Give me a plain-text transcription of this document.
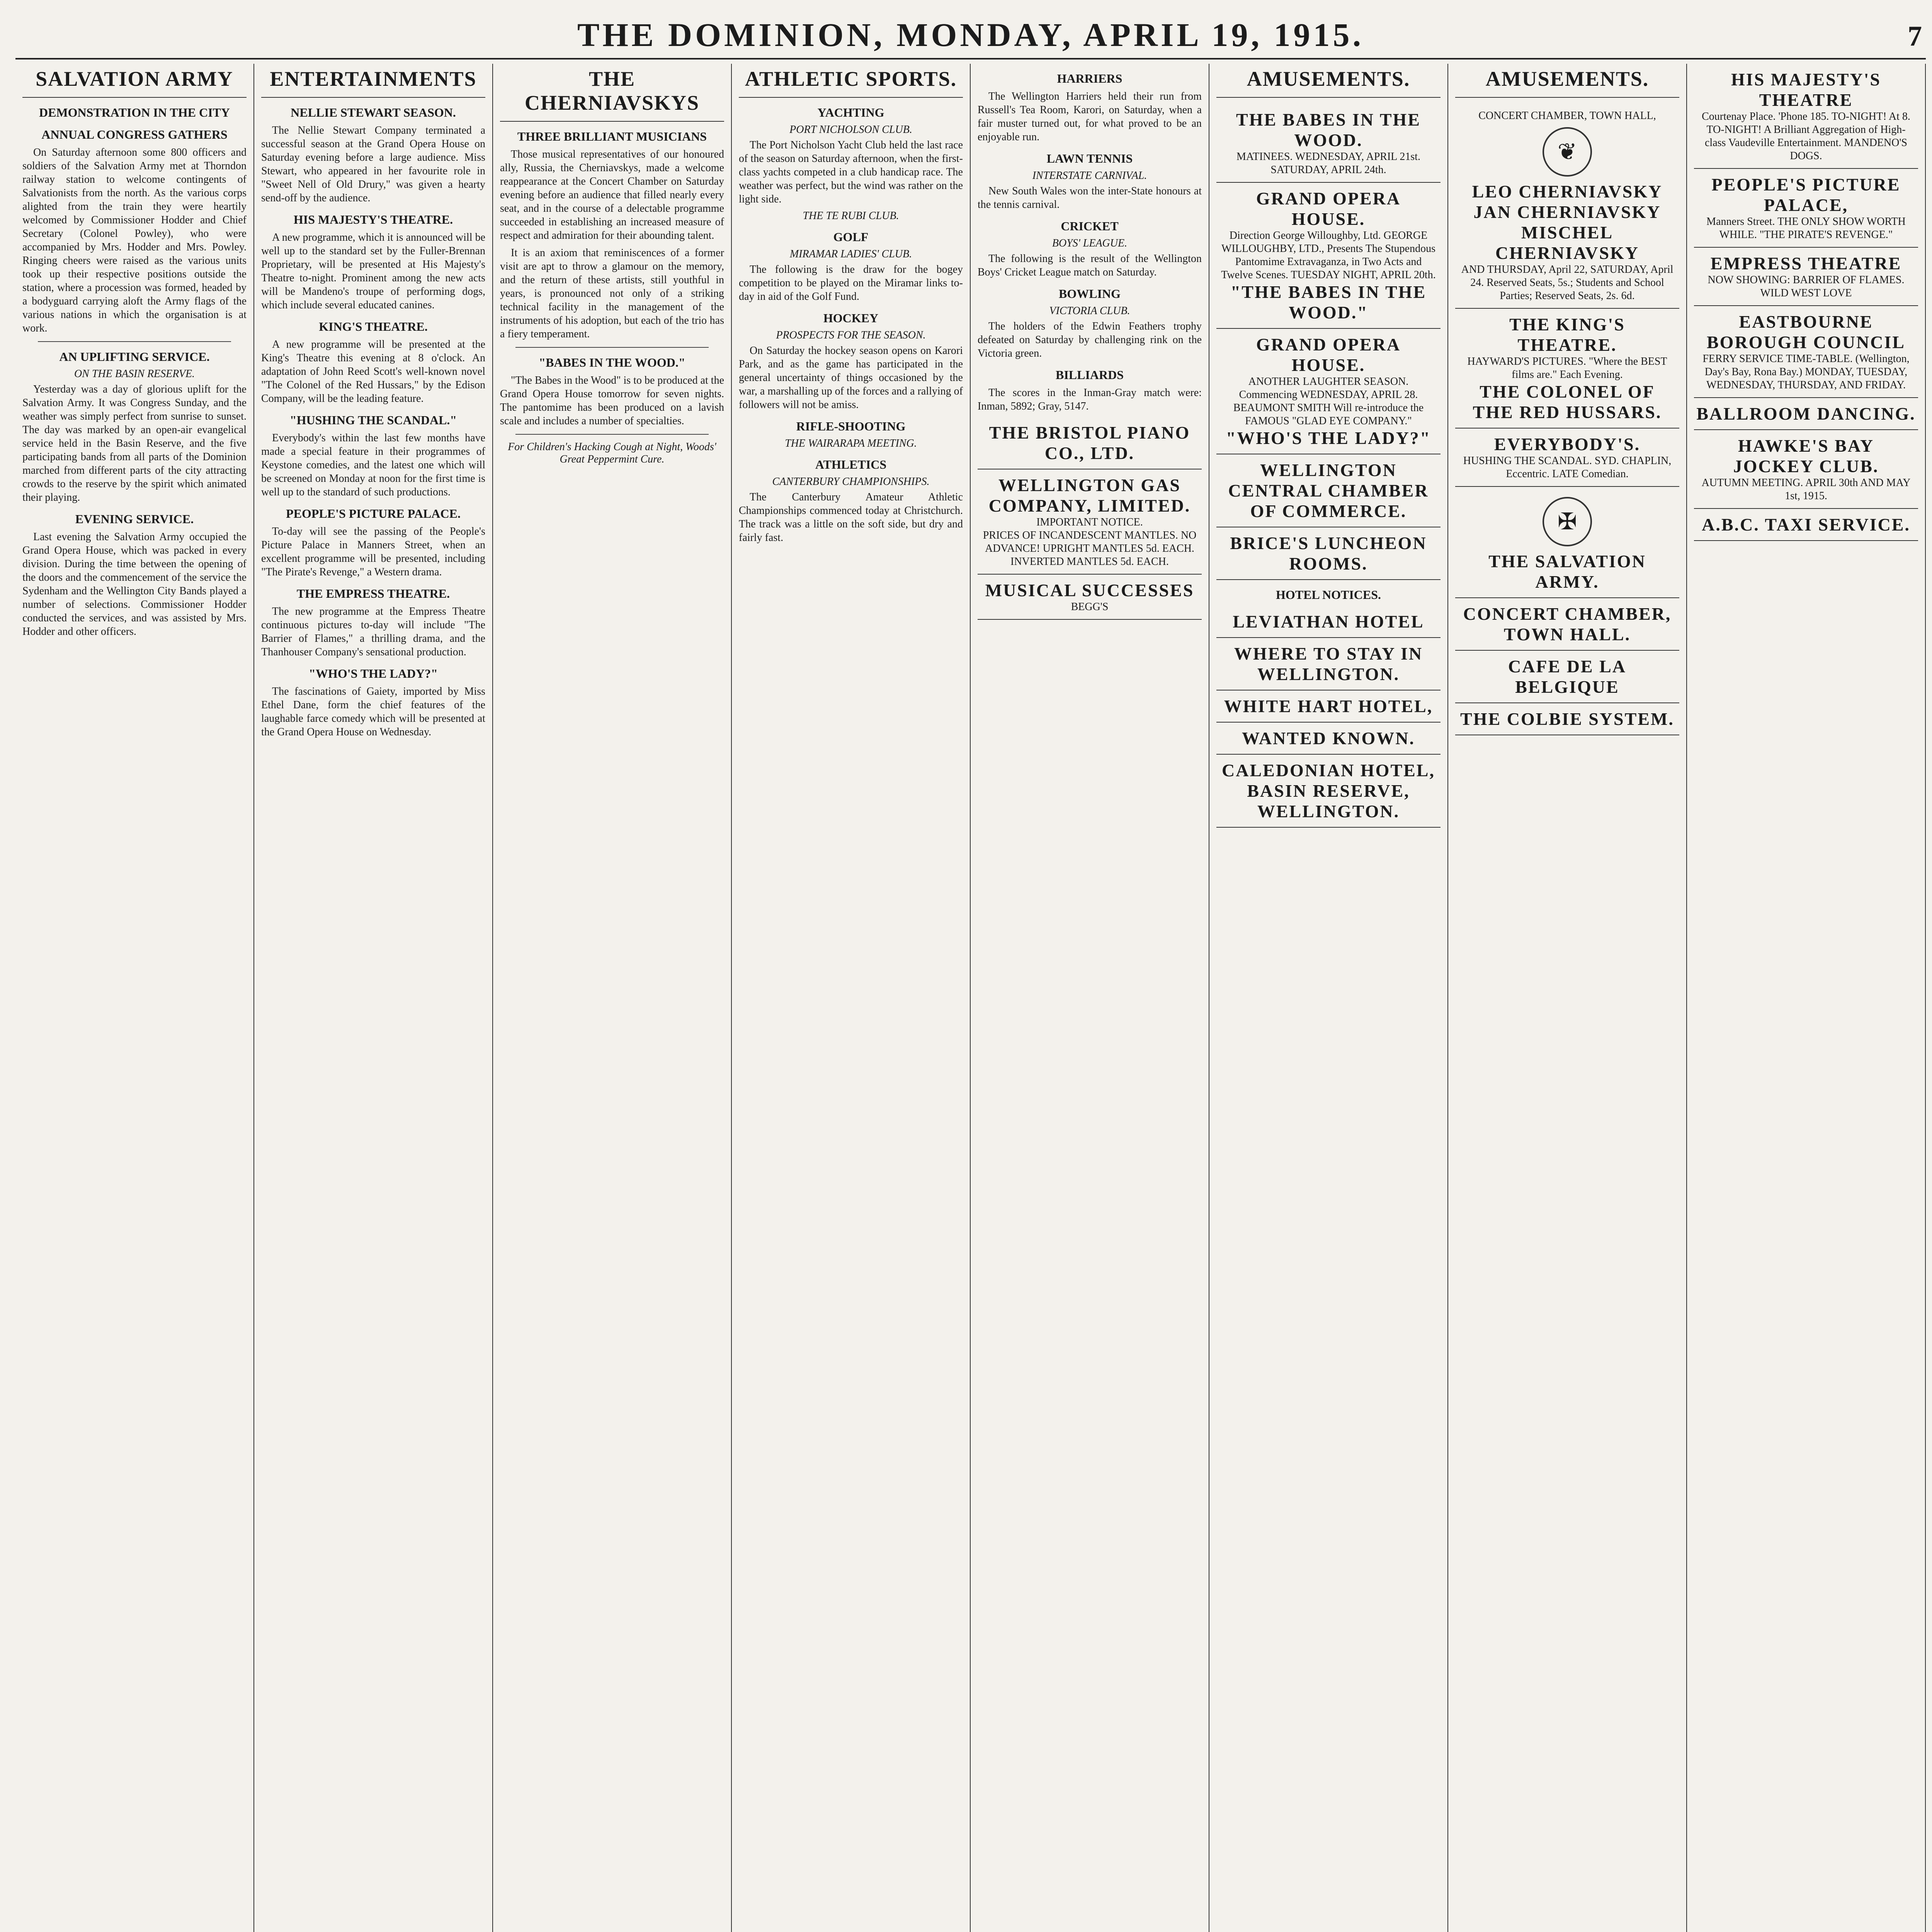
THE DOMINION, MONDAY, APRIL 19, 1915.	7
SALVATION ARMY
DEMONSTRATION IN THE CITY
ANNUAL CONGRESS GATHERS

On Saturday afternoon some 800 officers and soldiers of the Salvation Army met at Thorndon railway station to welcome contingents of Salvationists from the north. As the various corps alighted from the train they were heartily welcomed by Commissioner Hodder and Chief Secretary (Colonel Powley), who were accompanied by Mrs. Hodder and Mrs. Powley. Ringing cheers were raised as the various units took up their respective positions outside the station, where a procession was formed, headed by a bodyguard carrying aloft the Army flags of the various nations in which the organisation is at work.

AN UPLIFTING SERVICE.
ON THE BASIN RESERVE.

Yesterday was a day of glorious uplift for the Salvation Army. It was Congress Sunday, and the weather was simply perfect from sunrise to sunset. The day was marked by an open-air evangelical service held in the Basin Reserve, and the five participating bands from all parts of the Dominion marched from different parts of the city attracting crowds to the reserve by the spirit which animated their playing.

EVENING SERVICE.

Last evening the Salvation Army occupied the Grand Opera House, which was packed in every division. During the time between the opening of the doors and the commencement of the service the Sydenham and the Wellington City Bands played a number of selections. Commissioner Hodder conducted the services, and was assisted by Mrs. Hodder and other officers.

ENTERTAINMENTS
NELLIE STEWART SEASON.

The Nellie Stewart Company terminated a successful season at the Grand Opera House on Saturday evening before a large audience. Miss Stewart, who appeared in her favourite role in "Sweet Nell of Old Drury," was given a hearty send-off by the audience.

HIS MAJESTY'S THEATRE.

A new programme, which it is announced will be well up to the standard set by the Fuller-Brennan Proprietary, will be presented at His Majesty's Theatre to-night. Prominent among the new acts will be Mandeno's troupe of performing dogs, which include several educated canines.

KING'S THEATRE.

A new programme will be presented at the King's Theatre this evening at 8 o'clock. An adaptation of John Reed Scott's well-known novel "The Colonel of the Red Hussars," by the Edison Company, will be the leading feature.

"HUSHING THE SCANDAL."

Everybody's within the last few months have made a special feature in their programmes of Keystone comedies, and the latest one which will be screened on Monday at noon for the first time is well up to the standard of such productions.

PEOPLE'S PICTURE PALACE.

To-day will see the passing of the People's Picture Palace in Manners Street, when an excellent programme will be presented, including "The Pirate's Revenge," a Western drama.

THE EMPRESS THEATRE.

The new programme at the Empress Theatre continuous pictures to-day will include "The Barrier of Flames," a thrilling drama, and the Thanhouser Company's sensational production.

"WHO'S THE LADY?"

The fascinations of Gaiety, imported by Miss Ethel Dane, form the chief features of the laughable farce comedy which will be presented at the Grand Opera House on Wednesday.

THE CHERNIAVSKYS
THREE BRILLIANT MUSICIANS

Those musical representatives of our honoured ally, Russia, the Cherniavskys, made a welcome reappearance at the Concert Chamber on Saturday evening before an audience that filled nearly every seat, and in the course of a delectable programme succeeded in establishing an increased measure of respect and admiration for their abounding talent.

It is an axiom that reminiscences of a former visit are apt to throw a glamour on the memory, and the return of these artists, still youthful in years, is pronounced not only of a striking technical facility in the management of the instruments of his adoption, but each of the trio has a fiery temperament.

"BABES IN THE WOOD."

"The Babes in the Wood" is to be produced at the Grand Opera House tomorrow for seven nights. The pantomime has been produced on a lavish scale and includes a number of specialties.

For Children's Hacking Cough at Night, Woods' Great Peppermint Cure.
ATHLETIC SPORTS.
YACHTING
PORT NICHOLSON CLUB.

The Port Nicholson Yacht Club held the last race of the season on Saturday afternoon, when the first-class yachts competed in a club handicap race. The weather was perfect, but the wind was rather on the light side.

THE TE RUBI CLUB.
GOLF
MIRAMAR LADIES' CLUB.

The following is the draw for the bogey competition to be played on the Miramar links to-day in aid of the Golf Fund.

HOCKEY
PROSPECTS FOR THE SEASON.

On Saturday the hockey season opens on Karori Park, and as the game has participated in the general uncertainty of things occasioned by the war, a marshalling up of the forces and a rallying of followers will not be amiss.

RIFLE-SHOOTING
THE WAIRARAPA MEETING.
ATHLETICS
CANTERBURY CHAMPIONSHIPS.

The Canterbury Amateur Athletic Championships commenced today at Christchurch. The track was a little on the soft side, but dry and fairly fast.

HARRIERS

The Wellington Harriers held their run from Russell's Tea Room, Karori, on Saturday, when a fair muster turned out, for what proved to be an enjoyable run.

LAWN TENNIS
INTERSTATE CARNIVAL.

New South Wales won the inter-State honours at the tennis carnival.

CRICKET
BOYS' LEAGUE.

The following is the result of the Wellington Boys' Cricket League match on Saturday.

BOWLING
VICTORIA CLUB.

The holders of the Edwin Feathers trophy defeated on Saturday by challenging rink on the Victoria green.

BILLIARDS

The scores in the Inman-Gray match were: Inman, 5892; Gray, 5147.

THE BRISTOL PIANO CO., LTD.
WELLINGTON GAS COMPANY, LIMITED.
IMPORTANT NOTICE.
PRICES OF INCANDESCENT MANTLES. NO ADVANCE! UPRIGHT MANTLES 5d. EACH. INVERTED MANTLES 5d. EACH.
MUSICAL SUCCESSES
BEGG'S
AMUSEMENTS.
THE BABES IN THE WOOD.
MATINEES. WEDNESDAY, APRIL 21st. SATURDAY, APRIL 24th.
GRAND OPERA HOUSE.
Direction George Willoughby, Ltd. GEORGE WILLOUGHBY, LTD., Presents The Stupendous Pantomime Extravaganza, in Two Acts and Twelve Scenes. TUESDAY NIGHT, APRIL 20th.
"THE BABES IN THE WOOD."
GRAND OPERA HOUSE.
ANOTHER LAUGHTER SEASON. Commencing WEDNESDAY, APRIL 28. BEAUMONT SMITH Will re-introduce the FAMOUS "GLAD EYE COMPANY."
"WHO'S THE LADY?"
WELLINGTON CENTRAL CHAMBER OF COMMERCE.
BRICE'S LUNCHEON ROOMS.
HOTEL NOTICES.
LEVIATHAN HOTEL
WHERE TO STAY IN WELLINGTON.
WHITE HART HOTEL,
WANTED KNOWN.
CALEDONIAN HOTEL, BASIN RESERVE, WELLINGTON.
AMUSEMENTS.
CONCERT CHAMBER, TOWN HALL,
❦
LEO CHERNIAVSKY JAN CHERNIAVSKY MISCHEL CHERNIAVSKY
AND THURSDAY, April 22, SATURDAY, April 24. Reserved Seats, 5s.; Students and School Parties; Reserved Seats, 2s. 6d.
THE KING'S THEATRE.
HAYWARD'S PICTURES. "Where the BEST films are." Each Evening.
THE COLONEL OF THE RED HUSSARS.
EVERYBODY'S.
HUSHING THE SCANDAL. SYD. CHAPLIN, Eccentric. LATE Comedian.
✠
THE SALVATION ARMY.
CONCERT CHAMBER, TOWN HALL.
CAFE DE LA BELGIQUE
THE COLBIE SYSTEM.
HIS MAJESTY'S THEATRE
Courtenay Place. 'Phone 185. TO-NIGHT! At 8. TO-NIGHT! A Brilliant Aggregation of High-class Vaudeville Entertainment. MANDENO'S DOGS.
PEOPLE'S PICTURE PALACE,
Manners Street. THE ONLY SHOW WORTH WHILE. "THE PIRATE'S REVENGE."
EMPRESS THEATRE
NOW SHOWING: BARRIER OF FLAMES. WILD WEST LOVE
EASTBOURNE BOROUGH COUNCIL
FERRY SERVICE TIME-TABLE. (Wellington, Day's Bay, Rona Bay.) MONDAY, TUESDAY, WEDNESDAY, THURSDAY, AND FRIDAY.
BALLROOM DANCING.
HAWKE'S BAY JOCKEY CLUB.
AUTUMN MEETING. APRIL 30th AND MAY 1st, 1915.
A.B.C. TAXI SERVICE.
